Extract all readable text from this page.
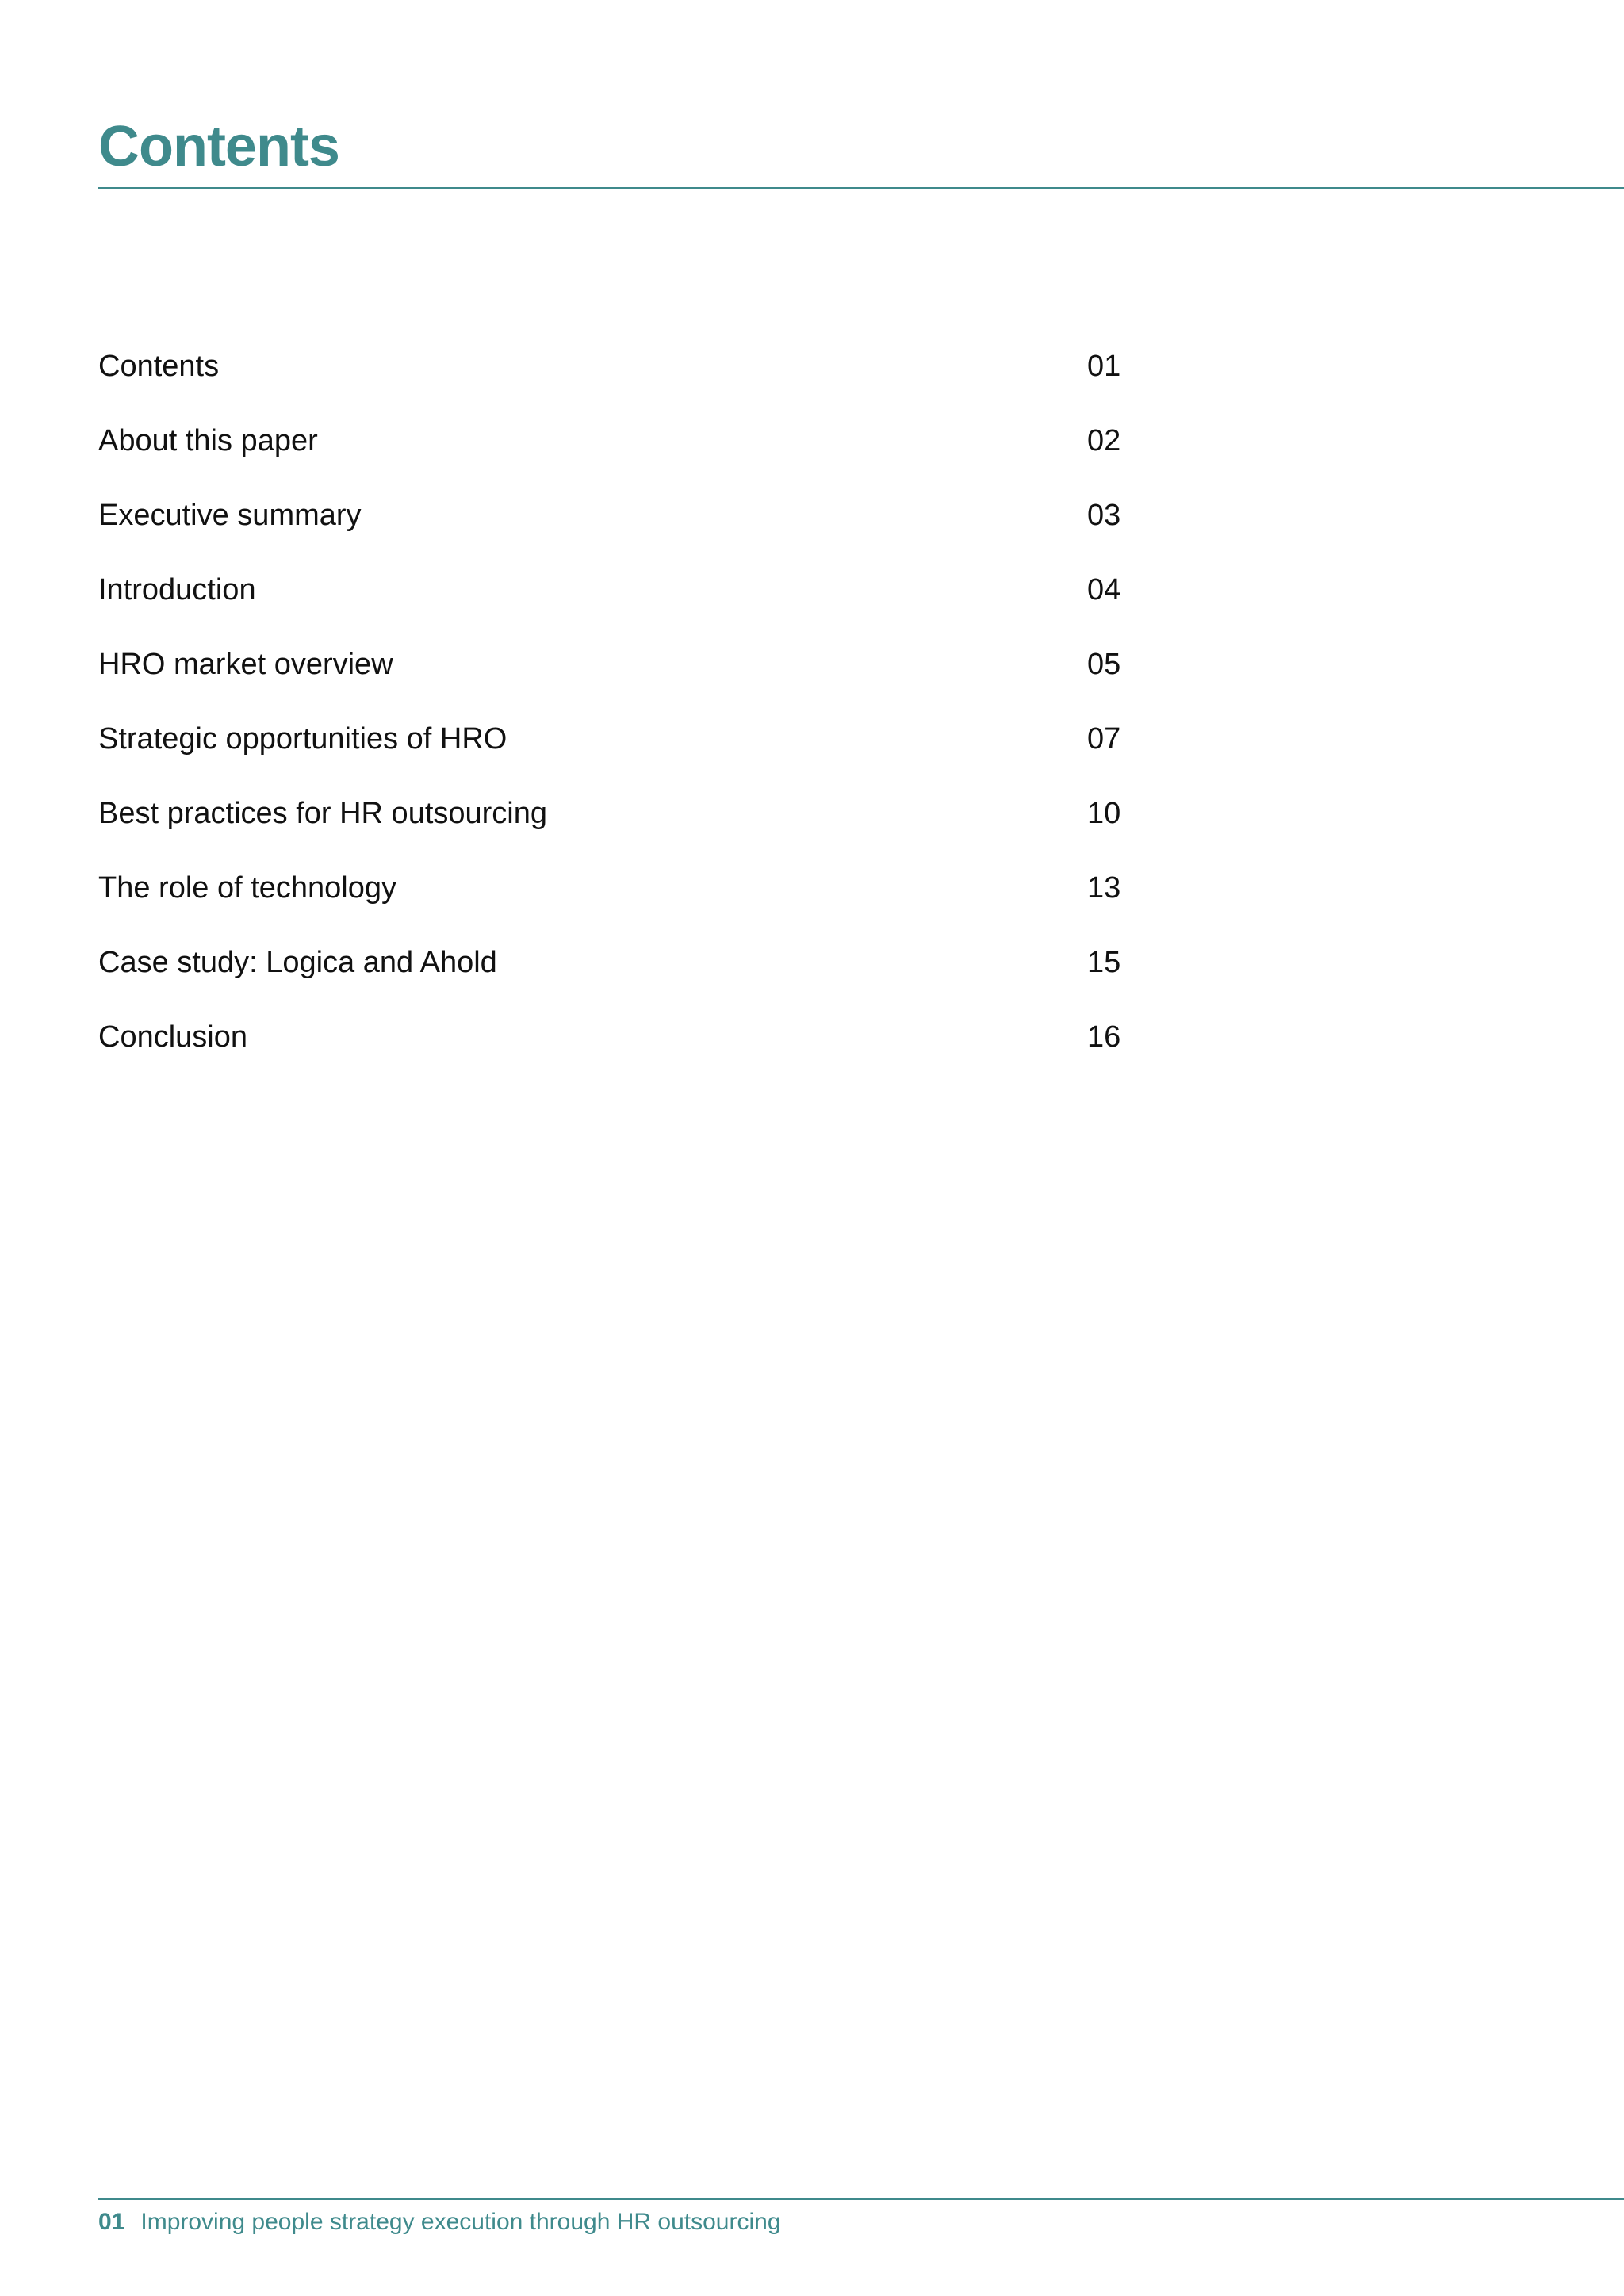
Contents
Contents	01
About this paper	02
Executive summary	03
Introduction	04
HRO market overview	05
Strategic opportunities of HRO	07
Best practices for HR outsourcing	10
The role of technology	13
Case study: Logica and Ahold	15
Conclusion	16
01 Improving people strategy execution through HR outsourcing
